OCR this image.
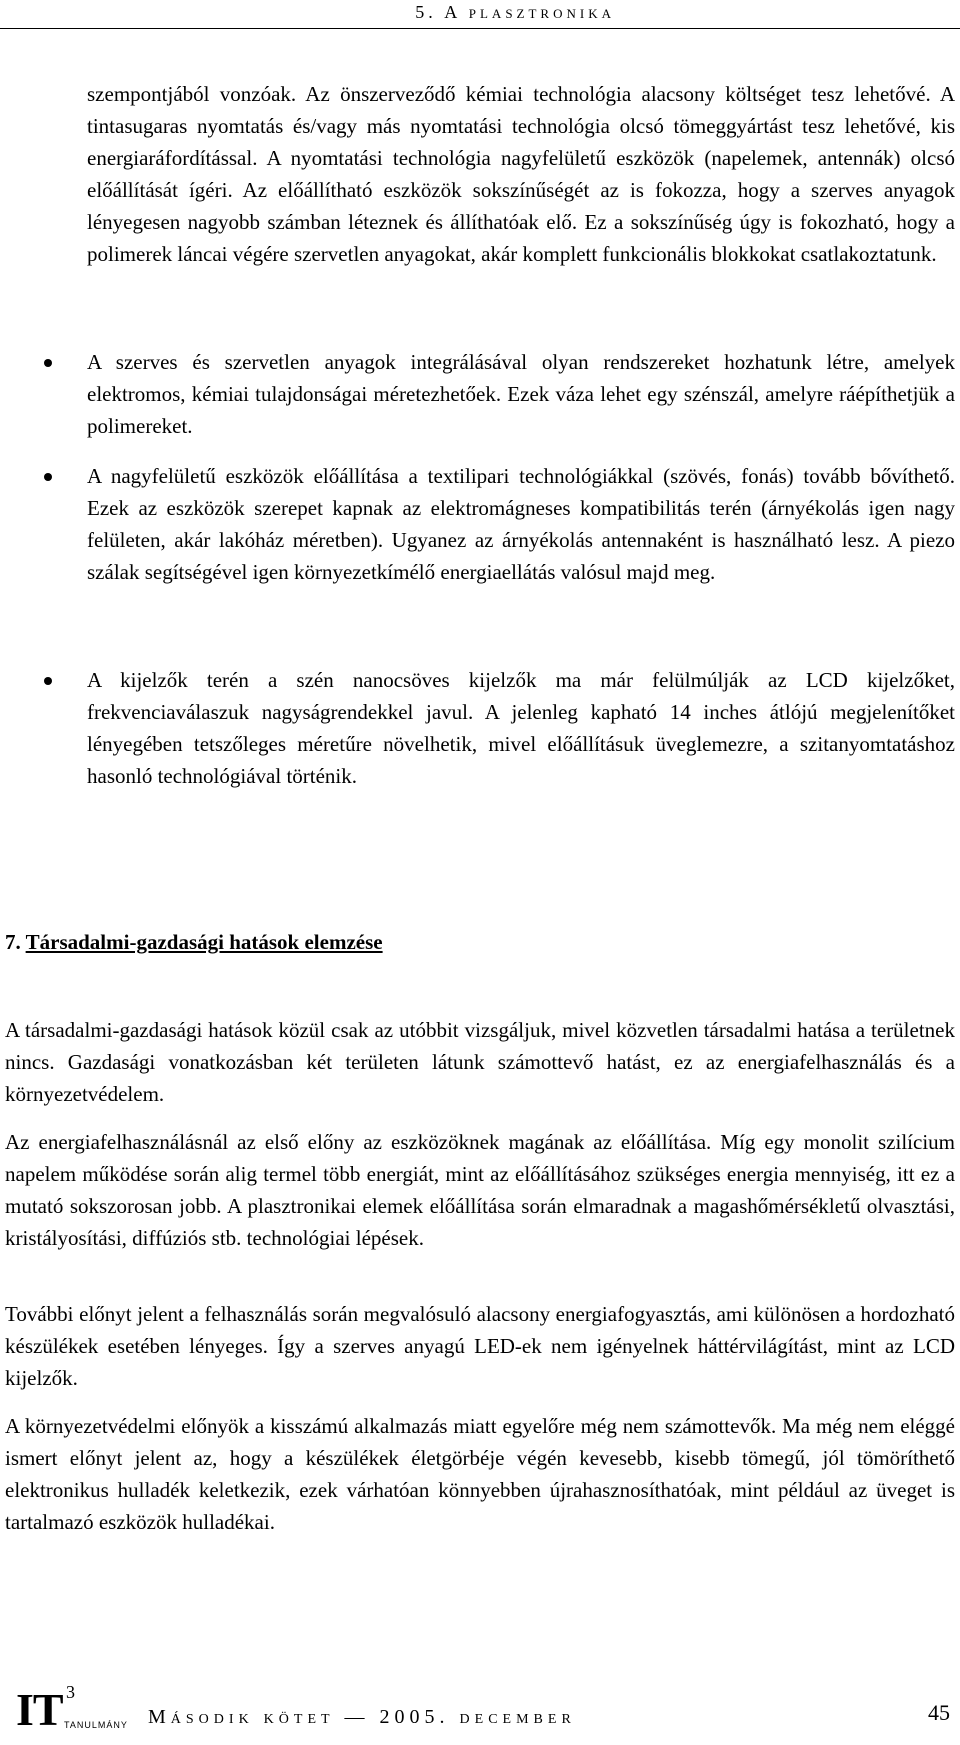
5. A plasztronika

szempontjából vonzóak. Az önszerveződő kémiai technológia alacsony költséget tesz lehetővé. A tintasugaras nyomtatás és/vagy más nyomtatási technológia olcsó tömeggyártást tesz lehetővé, kis energiaráfordítással. A nyomtatási technológia nagyfelületű eszközök (napelemek, antennák) olcsó előállítását ígéri. Az előállítható eszközök sokszínűségét az is fokozza, hogy a szerves anyagok lényegesen nagyobb számban léteznek és állíthatóak elő. Ez a sokszínűség úgy is fokozható, hogy a polimerek láncai végére szervetlen anyagokat, akár komplett funkcionális blokkokat csatlakoztatunk.

A szerves és szervetlen anyagok integrálásával olyan rendszereket hozhatunk létre, amelyek elektromos, kémiai tulajdonságai méretezhetőek. Ezek váza lehet egy szénszál, amelyre ráépíthetjük a polimereket.

A nagyfelületű eszközök előállítása a textilipari technológiákkal (szövés, fonás) tovább bővíthető. Ezek az eszközök szerepet kapnak az elektromágneses kompatibilitás terén (árnyékolás igen nagy felületen, akár lakóház méretben). Ugyanez az árnyékolás antennaként is használható lesz. A piezo szálak segítségével igen környezetkímélő energiaellátás valósul majd meg.

A kijelzők terén a szén nanocsöves kijelzők ma már felülmúlják az LCD kijelzőket, frekvenciaválaszuk nagyságrendekkel javul. A jelenleg kapható 14 inches átlójú megjelenítőket lényegében tetszőleges méretűre növelhetik, mivel előállításuk üveglemezre, a szitanyomtatáshoz hasonló technológiával történik.

7. Társadalmi-gazdasági hatások elemzése

A társadalmi-gazdasági hatások közül csak az utóbbit vizsgáljuk, mivel közvetlen társadalmi hatása a területnek nincs. Gazdasági vonatkozásban két területen látunk számottevő hatást, ez az energiafelhasználás és a környezetvédelem.

Az energiafelhasználásnál az első előny az eszközöknek magának az előállítása. Míg egy monolit szilícium napelem működése során alig termel több energiát, mint az előállításához szükséges energia mennyiség, itt ez a mutató sokszorosan jobb. A plasztronikai elemek előállítása során elmaradnak a magashőmérsékletű olvasztási, kristályosítási, diffúziós stb. technológiai lépések.

További előnyt jelent a felhasználás során megvalósuló alacsony energiafogyasztás, ami különösen a hordozható készülékek esetében lényeges. Így a szerves anyagú LED-ek nem igényelnek háttérvilágítást, mint az LCD kijelzők.

A környezetvédelmi előnyök a kisszámú alkalmazás miatt egyelőre még nem számottevők. Ma még nem eléggé ismert előnyt jelent az, hogy a készülékek életgörbéje végén kevesebb, kisebb tömegű, jól tömöríthető elektronikus hulladék keletkezik, ezek várhatóan könnyebben újrahasznosíthatóak, mint például az üveget is tartalmazó eszközök hulladékai.

IT 3
TANULMÁNY Második kötet — 2005. december	45
